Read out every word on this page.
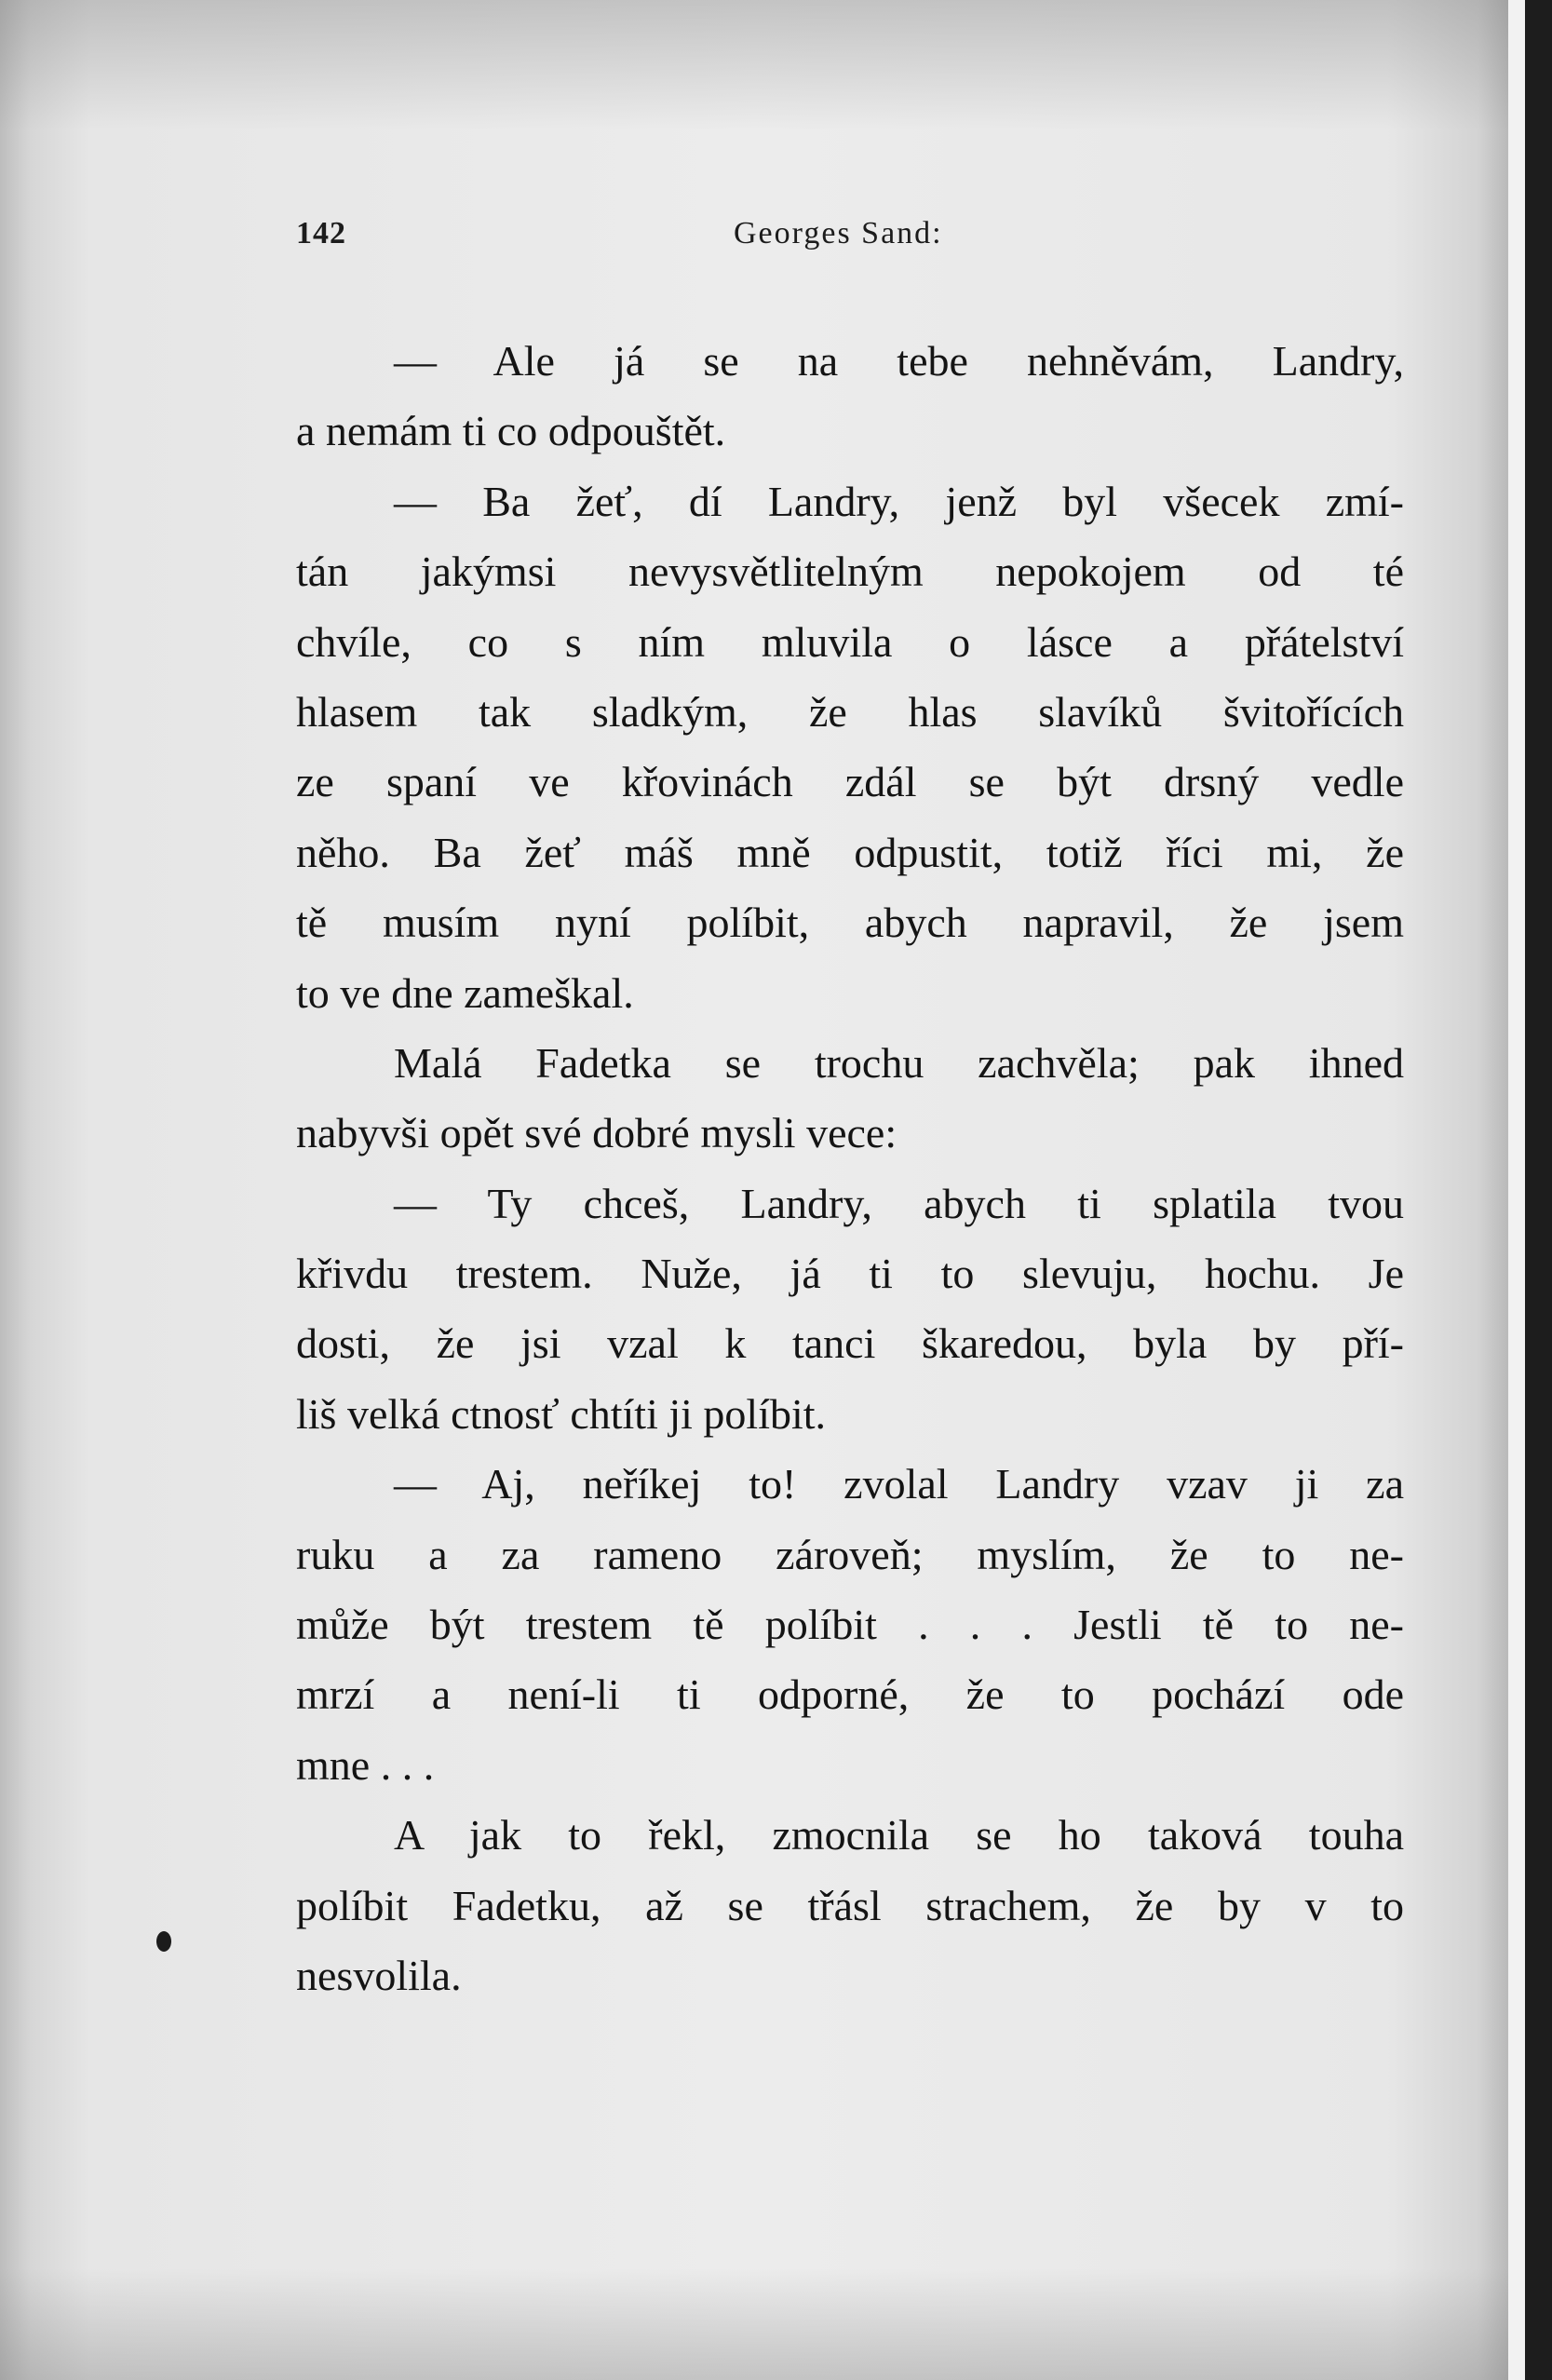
142	Georges Sand:
— Ale já se na tebe nehněvám, Landry,
a nemám ti co odpouštět.
— Ba žeť, dí Landry, jenž byl všecek zmí-
tán jakýmsi nevysvětlitelným nepokojem od té
chvíle, co s ním mluvila o lásce a přátelství
hlasem tak sladkým, že hlas slavíků švitořících
ze spaní ve křovinách zdál se být drsný vedle
něho. Ba žeť máš mně odpustit, totiž říci mi, že
tě musím nyní políbit, abych napravil, že jsem
to ve dne zameškal.
Malá Fadetka se trochu zachvěla; pak ihned
nabyvši opět své dobré mysli vece:
— Ty chceš, Landry, abych ti splatila tvou
křivdu trestem. Nuže, já ti to slevuju, hochu. Je
dosti, že jsi vzal k tanci škaredou, byla by pří-
liš velká ctnosť chtíti ji políbit.
— Aj, neříkej to! zvolal Landry vzav ji za
ruku a za rameno zároveň; myslím, že to ne-
může být trestem tě políbit . . . Jestli tě to ne-
mrzí a není-li ti odporné, že to pochází ode
mne . . .
A jak to řekl, zmocnila se ho taková touha
políbit Fadetku, až se třásl strachem, že by v to
nesvolila.
